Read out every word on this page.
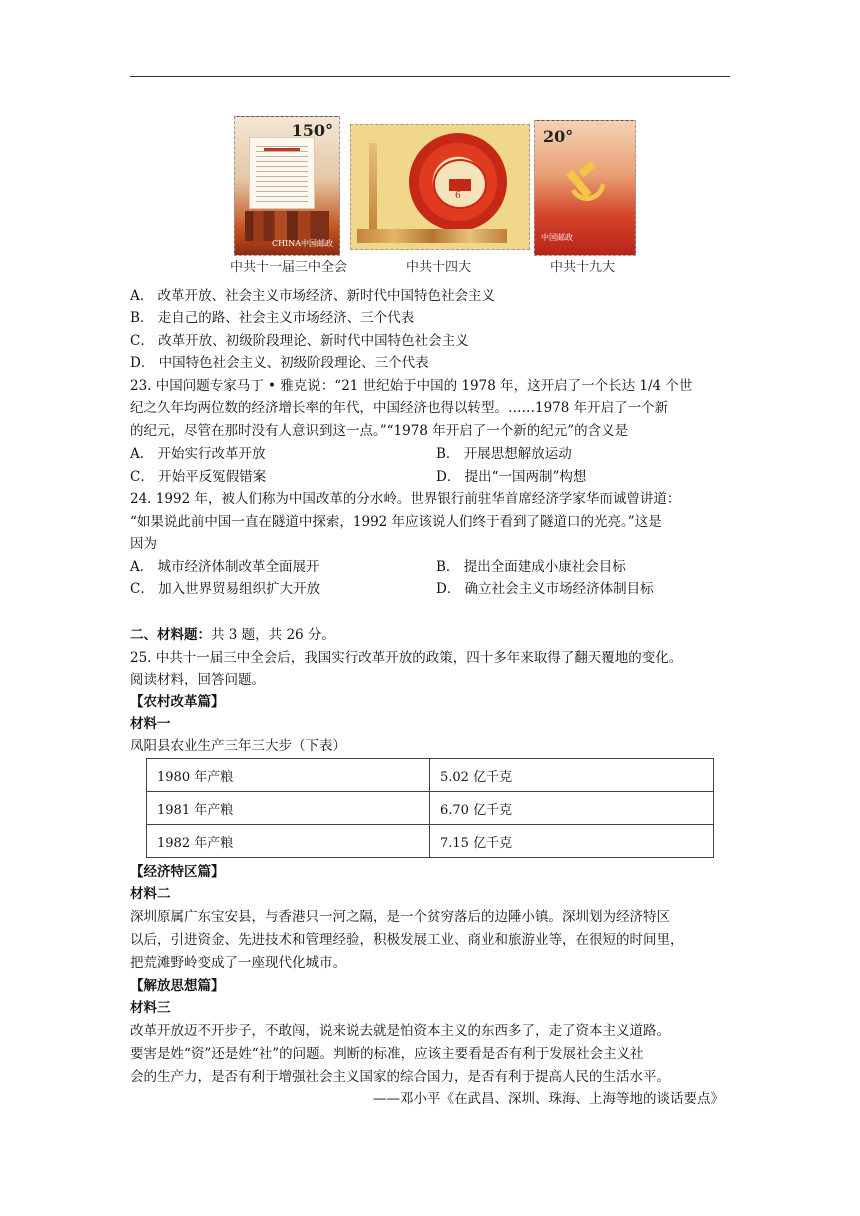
150°
CHINA中国邮政
6
20°
中国邮政
中共十一届三中全会	中共十四大	中共十九大
A． 改革开放、社会主义市场经济、新时代中国特色社会主义
B． 走自己的路、社会主义市场经济、三个代表
C． 改革开放、初级阶段理论、新时代中国特色社会主义
D． 中国特色社会主义、初级阶段理论、三个代表
23. 中国问题专家马丁 • 雅克说：“21 世纪始于中国的 1978 年，这开启了一个长达 1/4 个世
纪之久年均两位数的经济增长率的年代，中国经济也得以转型。……1978 年开启了一个新
的纪元，尽管在那时没有人意识到这一点。”“1978 年开启了一个新的纪元”的含义是
A． 开始实行改革开放	B． 开展思想解放运动
C． 开始平反冤假错案	D． 提出“一国两制”构想
24. 1992 年，被人们称为中国改革的分水岭。世界银行前驻华首席经济学家华而诚曾讲道：
“如果说此前中国一直在隧道中探索，1992 年应该说人们终于看到了隧道口的光亮。”这是
因为
A． 城市经济体制改革全面展开	B． 提出全面建成小康社会目标
C． 加入世界贸易组织扩大开放	D． 确立社会主义市场经济体制目标
二、材料题：共 3 题，共 26 分。
25. 中共十一届三中全会后，我国实行改革开放的政策，四十多年来取得了翻天覆地的变化。
阅读材料，回答问题。
【农村改革篇】
材料一
凤阳县农业生产三年三大步（下表）
1980 年产粮	5.02 亿千克
1981 年产粮	6.70 亿千克
1982 年产粮	7.15 亿千克
【经济特区篇】
材料二
深圳原属广东宝安县，与香港只一河之隔，是一个贫穷落后的边陲小镇。深圳划为经济特区
以后，引进资金、先进技术和管理经验，积极发展工业、商业和旅游业等，在很短的时间里，
把荒滩野岭变成了一座现代化城市。
【解放思想篇】
材料三
改革开放迈不开步子，不敢闯，说来说去就是怕资本主义的东西多了，走了资本主义道路。
要害是姓“资”还是姓“社”的问题。判断的标准，应该主要看是否有利于发展社会主义社
会的生产力，是否有利于增强社会主义国家的综合国力，是否有利于提高人民的生活水平。
——邓小平《在武昌、深圳、珠海、上海等地的谈话要点》
